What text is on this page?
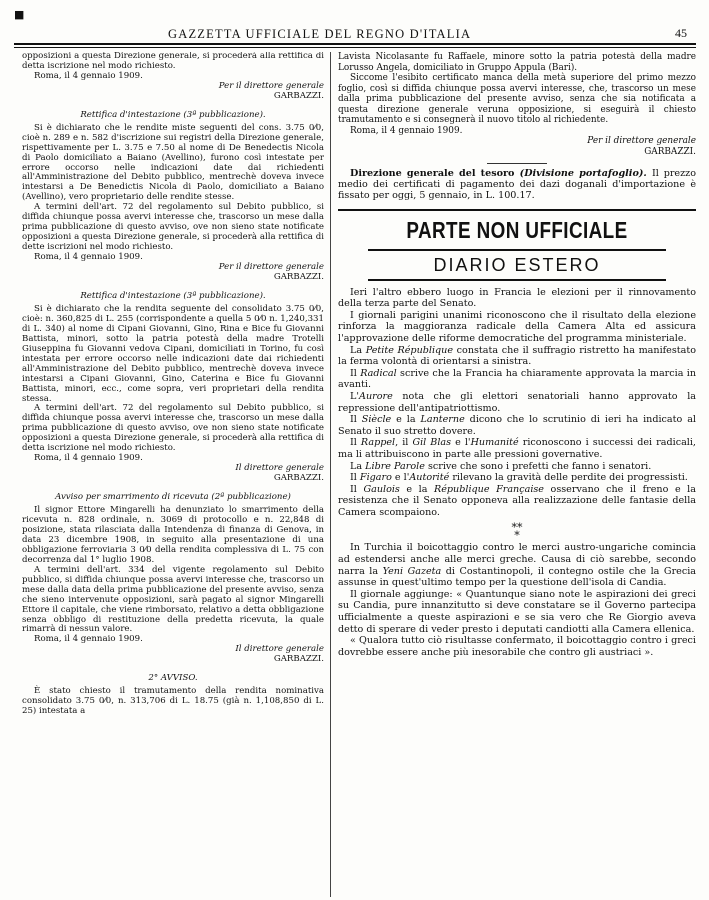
■
GAZZETTA UFFICIALE DEL REGNO D'ITALIA	45

opposizioni a questa Direzione generale, si procederà alla rettifica di detta iscrizione nel modo richiesto.

Roma, il 4 gennaio 1909.

Per il direttore generale

GARBAZZI.

Rettifica d'intestazione (3ª pubblicazione).

Si è dichiarato che le rendite miste seguenti del cons. 3.75 0⁄0, cioè n. 289 e n. 582 d'iscrizione sui registri della Direzione generale, rispettivamente per L. 3.75 e 7.50 al nome di De Benedectis Nicola di Paolo domiciliato a Baiano (Avellino), furono così intestate per errore occorso nelle indicazioni date dai richiedenti all'Amministrazione del Debito pubblico, mentrechè doveva invece intestarsi a De Benedictis Nicola di Paolo, domiciliato a Baiano (Avellino), vero proprietario delle rendite stesse.

A termini dell'art. 72 del regolamento sul Debito pubblico, si diffida chiunque possa avervi interesse che, trascorso un mese dalla prima pubblicazione di questo avviso, ove non sieno state notificate opposizioni a questa Direzione generale, si procederà alla rettifica di dette iscrizioni nel modo richiesto.

Roma, il 4 gennaio 1909.

Per il direttore generale

GARBAZZI.

Rettifica d'intestazione (3ª pubblicazione).

Si è dichiarato che la rendita seguente del consolidato 3.75 0⁄0, cioè: n. 360,825 di L. 255 (corrispondente a quella 5 0⁄0 n. 1,240,331 di L. 340) al nome di Cipani Giovanni, Gino, Rina e Bice fu Giovanni Battista, minori, sotto la patria potestà della madre Trotelli Giuseppina fu Giovanni vedova Cipani, domiciliati in Torino, fu così intestata per errore occorso nelle indicazioni date dai richiedenti all'Amministrazione del Debito pubblico, mentrechè doveva invece intestarsi a Cipani Giovanni, Gino, Caterina e Bice fu Giovanni Battista, minori, ecc., come sopra, veri proprietari della rendita stessa.

A termini dell'art. 72 del regolamento sul Debito pubblico, si diffida chiunque possa avervi interesse che, trascorso un mese dalla prima pubblicazione di questo avviso, ove non sieno state notificate opposizioni a questa Direzione generale, si procederà alla rettifica di detta iscrizione nel modo richiesto.

Roma, il 4 gennaio 1909.

Il direttore generale

GARBAZZI.

Avviso per smarrimento di ricevuta (2ª pubblicazione)

Il signor Ettore Mingarelli ha denunziato lo smarrimento della ricevuta n. 828 ordinale, n. 3069 di protocollo e n. 22,848 di posizione, stata rilasciata dalla Intendenza di finanza di Genova, in data 23 dicembre 1908, in seguito alla presentazione di una obbligazione ferroviaria 3 0⁄0 della rendita complessiva di L. 75 con decorrenza dal 1° luglio 1908.

A termini dell'art. 334 del vigente regolamento sul Debito pubblico, si diffida chiunque possa avervi interesse che, trascorso un mese dalla data della prima pubblicazione del presente avviso, senza che sieno intervenute opposizioni, sarà pagato al signor Mingarelli Ettore il capitale, che viene rimborsato, relativo a detta obbligazione senza obbligo di restituzione della predetta ricevuta, la quale rimarrà di nessun valore.

Roma, il 4 gennaio 1909.

Il direttore generale

GARBAZZI.

2° AVVISO.

È stato chiesto il tramutamento della rendita nominativa consolidato 3.75 0⁄0, n. 313,706 di L. 18.75 (già n. 1,108,850 di L. 25) intestata a

Lavista Nicolasante fu Raffaele, minore sotto la patria potestà della madre Lorusso Angela, domiciliato in Gruppo Appula (Bari).

Siccome l'esibito certificato manca della metà superiore del primo mezzo foglio, così si diffida chiunque possa avervi interesse, che, trascorso un mese dalla prima pubblicazione del presente avviso, senza che sia notificata a questa direzione generale veruna opposizione, si eseguirà il chiesto tramutamento e si consegnerà il nuovo titolo al richiedente.

Roma, il 4 gennaio 1909.

Per il direttore generale

GARBAZZI.

Direzione generale del tesoro (Divisione portafoglio). Il prezzo medio dei certificati di pagamento dei dazi doganali d'importazione è fissato per oggi, 5 gennaio, in L. 100.17.

PARTE NON UFFICIALE
DIARIO ESTERO

Ieri l'altro ebbero luogo in Francia le elezioni per il rinnovamento della terza parte del Senato.

I giornali parigini unanimi riconoscono che il risultato della elezione rinforza la maggioranza radicale della Camera Alta ed assicura l'approvazione delle riforme democratiche del programma ministeriale.

La Petite République constata che il suffragio ristretto ha manifestato la ferma volontà di orientarsi a sinistra.

Il Radical scrive che la Francia ha chiaramente approvata la marcia in avanti.

L'Aurore nota che gli elettori senatoriali hanno approvato la repressione dell'antipatriottismo.

Il Siècle e la Lanterne dicono che lo scrutinio di ieri ha indicato al Senato il suo stretto dovere.

Il Rappel, il Gil Blas e l'Humanité riconoscono i successi dei radicali, ma li attribuiscono in parte alle pressioni governative.

La Libre Parole scrive che sono i prefetti che fanno i senatori.

Il Figaro e l'Autorité rilevano la gravità delle perdite dei progressisti.

Il Gaulois e la République Française osservano che il freno e la resistenza che il Senato opponeva alla realizzazione delle fantasie della Camera scompaiono.

**
*

In Turchia il boicottaggio contro le merci austro-ungariche comincia ad estendersi anche alle merci greche. Causa di ciò sarebbe, secondo narra la Yeni Gazeta di Costantinopoli, il contegno ostile che la Grecia assunse in quest'ultimo tempo per la questione dell'isola di Candia.

Il giornale aggiunge: « Quantunque siano note le aspirazioni dei greci su Candia, pure innanzitutto si deve constatare se il Governo partecipa ufficialmente a queste aspirazioni e se sia vero che Re Giorgio aveva detto di sperare di veder presto i deputati candiotti alla Camera ellenica.

« Qualora tutto ciò risultasse confermato, il boicottaggio contro i greci dovrebbe essere anche più inesorabile che contro gli austriaci ».
